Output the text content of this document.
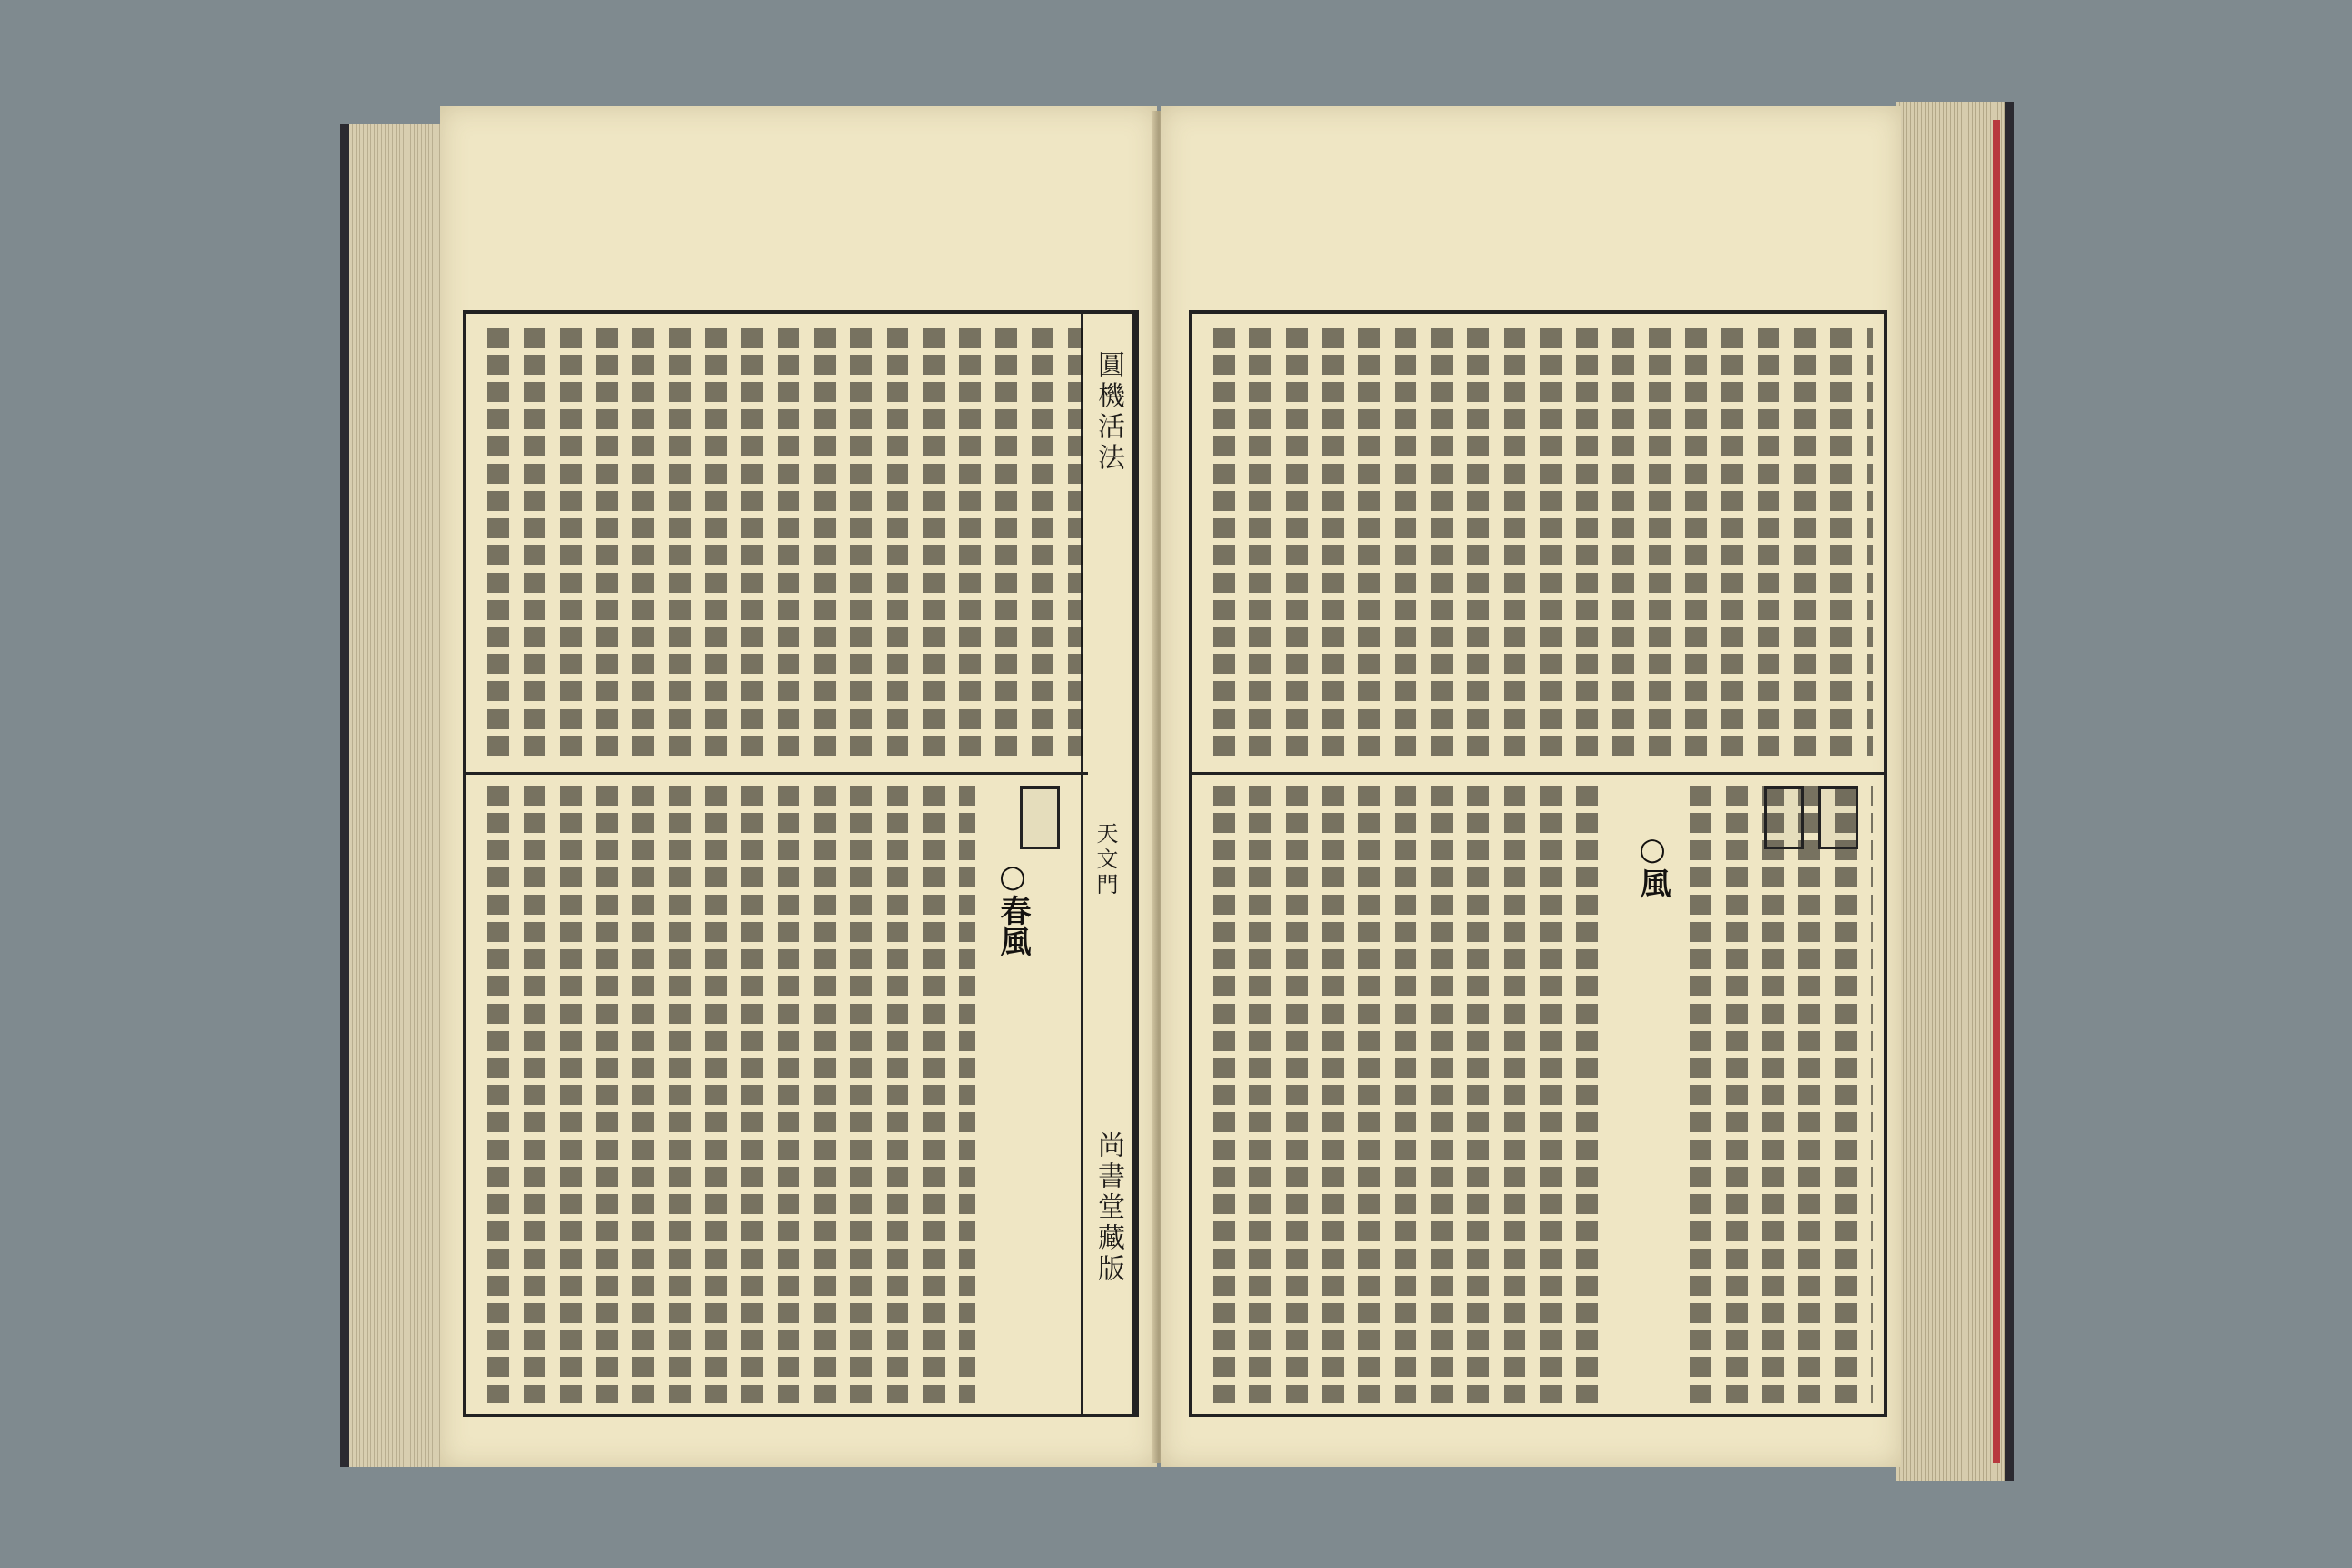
圓機活法
天文門
尚書堂藏版
○春風	○風
